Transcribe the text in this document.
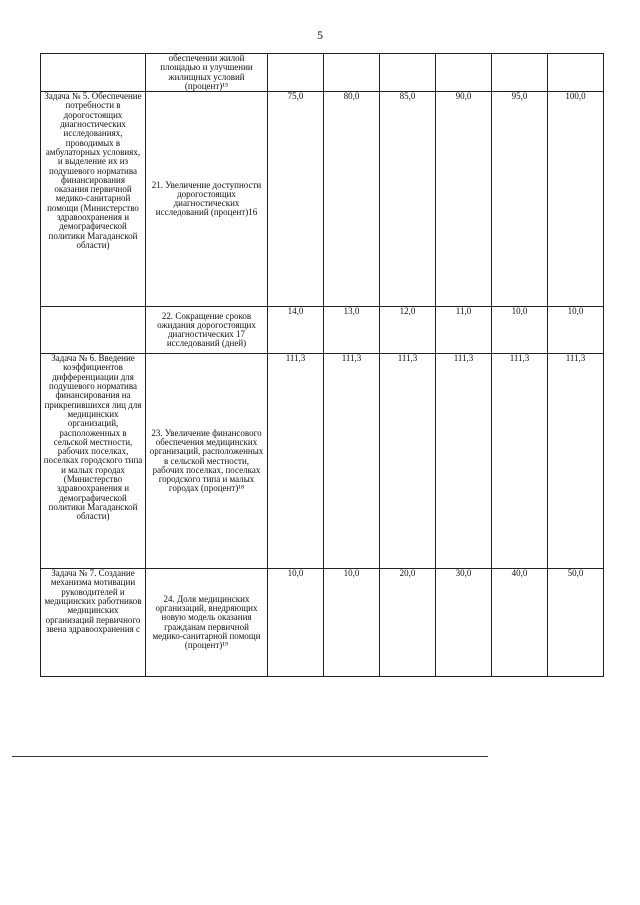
5
	обеспечении жилой площадью и улучшении жилищных условий (процент)¹⁵						
Задача № 5. Обеспечение потребности в дорогостоящих диагностических исследованиях, проводимых в амбулаторных условиях, и выделение их из подушевого норматива финансирования оказания первичной медико-санитарной помощи (Министерство здравоохранения и демографической политики Магаданской области)	21. Увеличение доступности дорогостоящих диагностических исследований (процент)16	75,0	80,0	85,0	90,0	95,0	100,0
	22. Сокращение сроков ожидания дорогостоящих диагностических 17 исследований (дней)	14,0	13,0	12,0	11,0	10,0	10,0
Задача № 6. Введение коэффициентов дифференциации для подушевого норматива финансирования на прикрепившихся лиц для медицинских организаций, расположенных в сельской местности, рабочих поселках, поселках городского типа и малых городах (Министерство здравоохранения и демографической политики Магаданской области)	23. Увеличение финансового обеспечения медицинских организаций, расположенных в сельской местности, рабочих поселках, поселках городского типа и малых городах (процент)¹⁸	111,3	111,3	111,3	111,3	111,3	111,3
Задача № 7. Создание механизма мотивации руководителей и медицинских работников медицинских организаций первичного звена здравоохранения с	24. Доля медицинских организаций, внедряющих новую модель оказания гражданам первичной медико-санитарной помощи (процент)¹⁹	10,0	10,0	20,0	30,0	40,0	50,0
